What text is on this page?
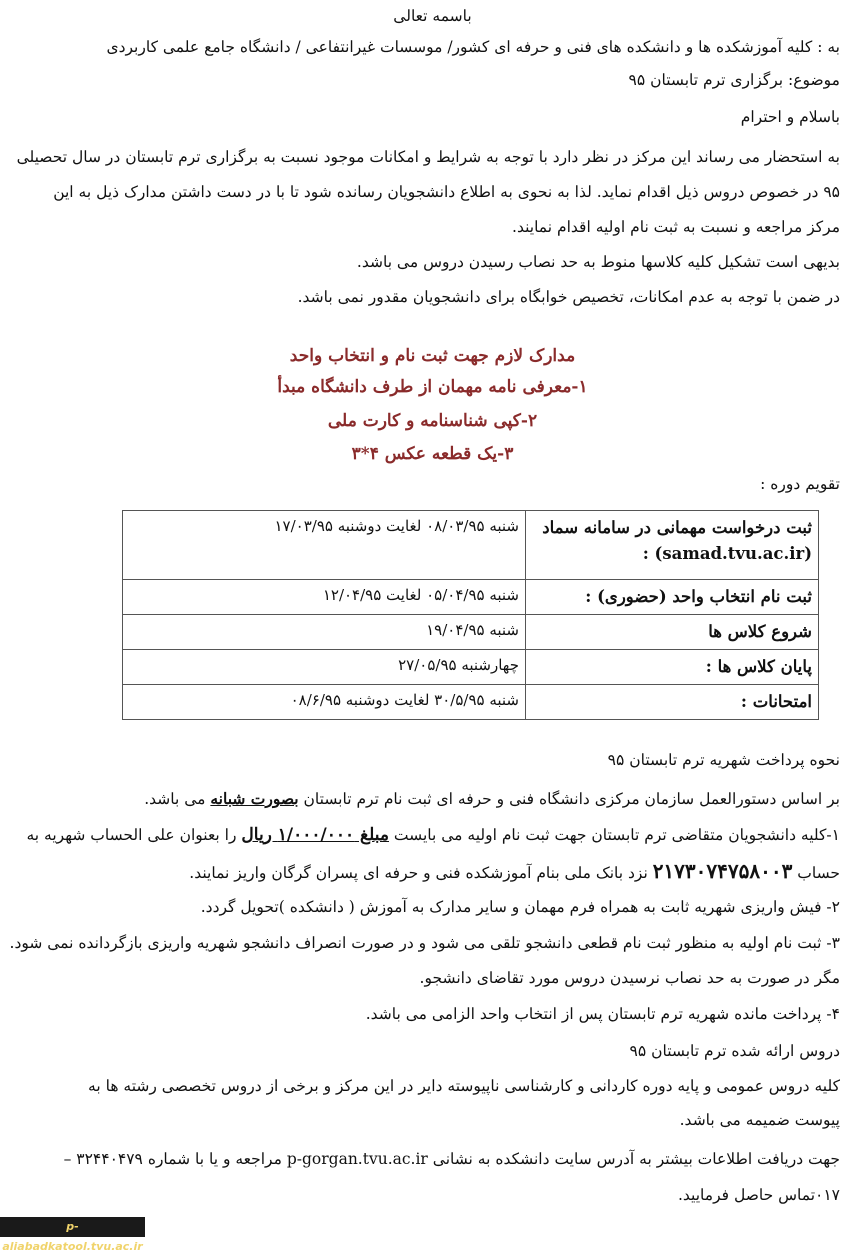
باسمه تعالی
به : کلیه آموزشکده ها و دانشکده های فنی و حرفه ای کشور/ موسسات غیرانتفاعی / دانشگاه جامع علمی کاربردی
موضوع: برگزاری ترم تابستان ۹۵
باسلام و احترام
به استحضار می رساند این مرکز در نظر دارد با توجه به شرایط و امکانات موجود نسبت به برگزاری ترم تابستان در سال تحصیلی
۹۵ در خصوص دروس ذیل اقدام نماید. لذا به نحوی به اطلاع دانشجویان رسانده شود تا با در دست داشتن مدارک ذیل به این
مرکز مراجعه و نسبت به ثبت نام اولیه اقدام نمایند.
بدیهی است تشکیل کلیه کلاسها منوط به حد نصاب رسیدن دروس می باشد.
در ضمن با توجه به عدم امکانات، تخصیص خوابگاه برای دانشجویان مقدور نمی باشد.
مدارک لازم جهت ثبت نام و انتخاب واحد
۱-معرفی نامه مهمان از طرف دانشگاه مبدأ
۲-کپی شناسنامه و کارت ملی
۳-یک قطعه عکس ۴*۳
تقویم دوره :
ثبت درخواست مهمانی در سامانه سماد (samad.tvu.ac.ir) :	شنبه ۰۸/۰۳/۹۵ لغایت دوشنبه ۱۷/۰۳/۹۵
ثبت نام انتخاب واحد (حضوری) :	شنبه ۰۵/۰۴/۹۵ لغایت ۱۲/۰۴/۹۵
شروع کلاس ها	شنبه ۱۹/۰۴/۹۵
پایان کلاس ها :	چهارشنبه ۲۷/۰۵/۹۵
امتحانات :	شنبه ۳۰/۵/۹۵ لغایت دوشنبه ۰۸/۶/۹۵
نحوه پرداخت شهریه ترم تابستان ۹۵
بر اساس دستورالعمل سازمان مرکزی دانشگاه فنی و حرفه ای ثبت نام ترم تابستان بصورت شبانه می باشد.
۱-کلیه دانشجویان متقاضی ترم تابستان جهت ثبت نام اولیه می بایست مبلغ ۱/۰۰۰/۰۰۰ ریال را بعنوان علی الحساب شهریه به
حساب ۲۱۷۳۰۷۴۷۵۸۰۰۳ نزد بانک ملی بنام آموزشکده فنی و حرفه ای پسران گرگان واریز نمایند.
۲- فیش واریزی شهریه ثابت به همراه فرم مهمان و سایر مدارک به آموزش ( دانشکده )تحویل گردد.
۳- ثبت نام اولیه به منظور ثبت نام قطعی دانشجو تلقی می شود و در صورت انصراف دانشجو شهریه واریزی بازگردانده نمی شود.
مگر در صورت به حد نصاب نرسیدن دروس مورد تقاضای دانشجو.
۴- پرداخت مانده شهریه ترم تابستان پس از انتخاب واحد الزامی می باشد.
دروس ارائه شده ترم تابستان ۹۵
کلیه دروس عمومی و پایه دوره کاردانی و کارشناسی ناپیوسته دایر در این مرکز و برخی از دروس تخصصی رشته ها به
پیوست ضمیمه می باشد.
جهت دریافت اطلاعات بیشتر به آدرس سایت دانشکده به نشانی p-gorgan.tvu.ac.ir مراجعه و یا با شماره ۳۲۴۴۰۴۷۹ –
۰۱۷تماس حاصل فرمایید.
p-aliabadkatool.tvu.ac.ir
